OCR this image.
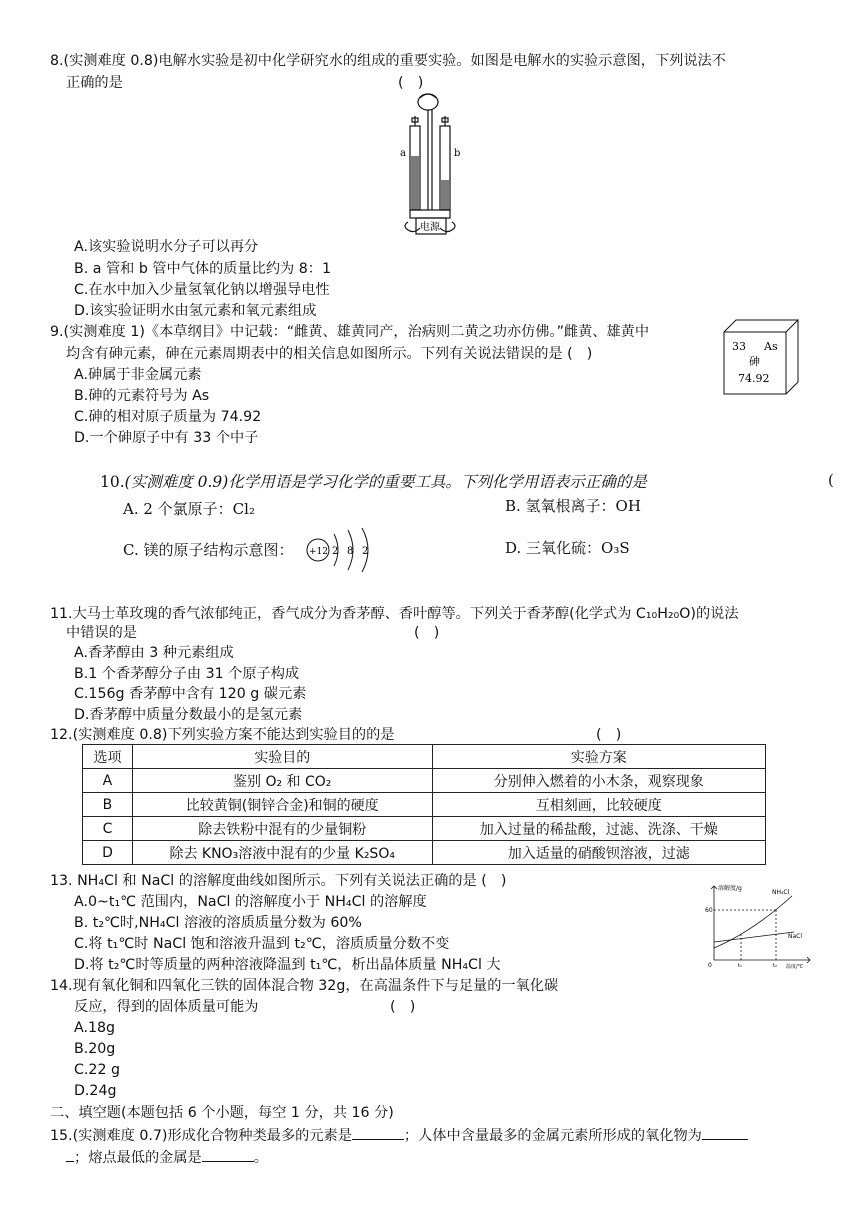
8.(实测难度 0.8)电解水实验是初中化学研究水的组成的重要实验。如图是电解水的实验示意图，下列说法不
正确的是	(　)
a	b
电源
A.该实验说明水分子可以再分
B. a 管和 b 管中气体的质量比约为 8：1
C.在水中加入少量氢氧化钠以增强导电性
D.该实验证明水由氢元素和氧元素组成
9.(实测难度 1)《本草纲目》中记载：“雌黄、雄黄同产，治病则二黄之功亦仿佛。”雌黄、雄黄中
均含有砷元素，砷在元素周期表中的相关信息如图所示。下列有关说法错误的是 (　)	33 As
砷
74.92
A.砷属于非金属元素
B.砷的元素符号为 As
C.砷的相对原子质量为 74.92
D.一个砷原子中有 33 个中子
10.(实测难度 0.9)化学用语是学习化学的重要工具。下列化学用语表示正确的是	(
A. 2 个氯原子：Cl₂	B. 氢氧根离子：OH
C. 镁的原子结构示意图： +12 2 8 2	D. 三氧化硫：O₃S
11.大马士革玫瑰的香气浓郁纯正，香气成分为香茅醇、香叶醇等。下列关于香茅醇(化学式为 C₁₀H₂₀O)的说法
中错误的是	(　)
A.香茅醇由 3 种元素组成
B.1 个香茅醇分子由 31 个原子构成
C.156g 香茅醇中含有 120 g 碳元素
D.香茅醇中质量分数最小的是氢元素
12.(实测难度 0.8)下列实验方案不能达到实验目的的是	(　)
选项	实验目的	实验方案
A	鉴别 O₂ 和 CO₂	分别伸入燃着的小木条，观察现象
B	比较黄铜(铜锌合金)和铜的硬度	互相刻画，比较硬度
C	除去铁粉中混有的少量铜粉	加入过量的稀盐酸，过滤、洗涤、干燥
D	除去 KNO₃溶液中混有的少量 K₂SO₄	加入适量的硝酸钡溶液，过滤
13. NH₄Cl 和 NaCl 的溶解度曲线如图所示。下列有关说法正确的是 (　)
A.0~t₁℃ 范围内，NaCl 的溶解度小于 NH₄Cl 的溶解度
B. t₂℃时,NH₄Cl 溶液的溶质质量分数为 60%
C.将 t₁℃时 NaCl 饱和溶液升温到 t₂℃，溶质质量分数不变
D.将 t₂℃时等质量的两种溶液降温到 t₁℃，析出晶体质量 NH₄Cl 大
溶解度/g
温度/℃
60
0	t₁	t₂
NH₄Cl
NaCl
14.现有氧化铜和四氧化三铁的固体混合物 32g，在高温条件下与足量的一氧化碳
反应，得到的固体质量可能为	(　)
A.18g
B.20g
C.22 g
D.24g
二、填空题(本题包括 6 个小题，每空 1 分，共 16 分)
15.(实测难度 0.7)形成化合物种类最多的元素是	；人体中含量最多的金属元素所形成的氧化物为
；熔点最低的金属是	。
